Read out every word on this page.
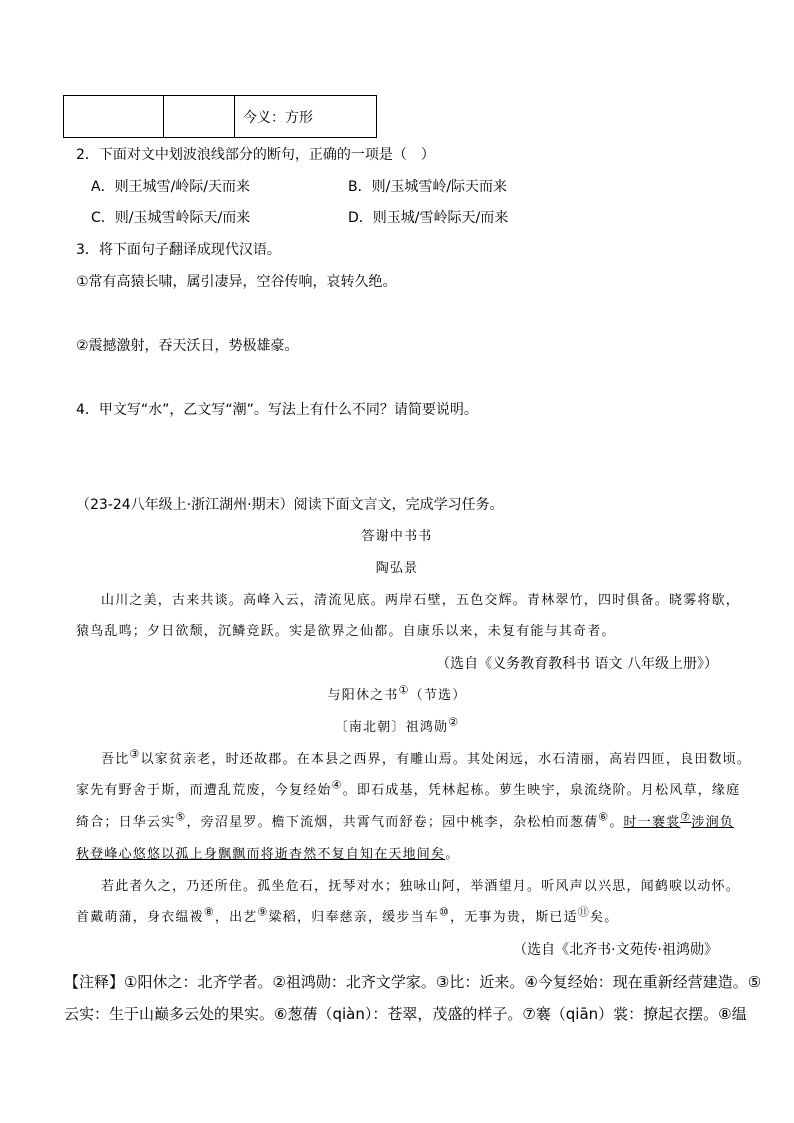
		今义：方形
2．下面对文中划波浪线部分的断句，正确的一项是（　）
A．则王城雪/岭际/天而来	B．则/玉城雪岭/际天而来
C．则/玉城雪岭际天/而来	D．则玉城/雪岭际天/而来
3．将下面句子翻译成现代汉语。
①常有高猿长啸，属引凄异，空谷传响，哀转久绝。
②震撼激射，吞天沃日，势极雄豪。
4．甲文写“水”，乙文写“潮”。写法上有什么不同？请简要说明。
（23-24八年级上·浙江湖州·期末）阅读下面文言文，完成学习任务。
答谢中书书
陶弘景
山川之美，古来共谈。高峰入云，清流见底。两岸石壁，五色交辉。青林翠竹，四时俱备。晓雾将歇，
猿鸟乱鸣；夕日欲颓，沉鳞竞跃。实是欲界之仙都。自康乐以来，未复有能与其奇者。
（选自《义务教育教科书 语文 八年级上册》）
与阳休之书①（节选）
〔南北朝〕祖鸿勋②
吾比③以家贫亲老，时还故郡。在本县之西界，有雕山焉。其处闲远，水石清丽，高岩四匝，良田数顷。
家先有野舍于斯，而遭乱荒废，今复经始④。即石成基，凭林起栋。萝生映宇，泉流绕阶。月松风草，缘庭
绮合；日华云实⑤，旁沼星罗。檐下流烟，共霄气而舒卷；园中桃李，杂松柏而葱蒨⑥。时一褰裳⑦涉涧负
秋登峰心悠悠以孤上身飘飘而将逝杳然不复自知在天地间矣。
若此者久之，乃还所住。孤坐危石，抚琴对水；独咏山阿，举酒望月。听风声以兴思，闻鹤唳以动怀。
首戴萌蒲，身衣缊袯⑧，出艺⑨粱稻，归奉慈亲，缓步当车⑩，无事为贵，斯已适⑪矣。
（选自《北齐书·文苑传·祖鸿勋》
【注释】①阳休之：北齐学者。②祖鸿勋：北齐文学家。③比：近来。④今复经始：现在重新经营建造。⑤
云实：生于山巅多云处的果实。⑥葱蒨（qiàn）：苍翠，茂盛的样子。⑦褰（qiān）裳：撩起衣摆。⑧缊
